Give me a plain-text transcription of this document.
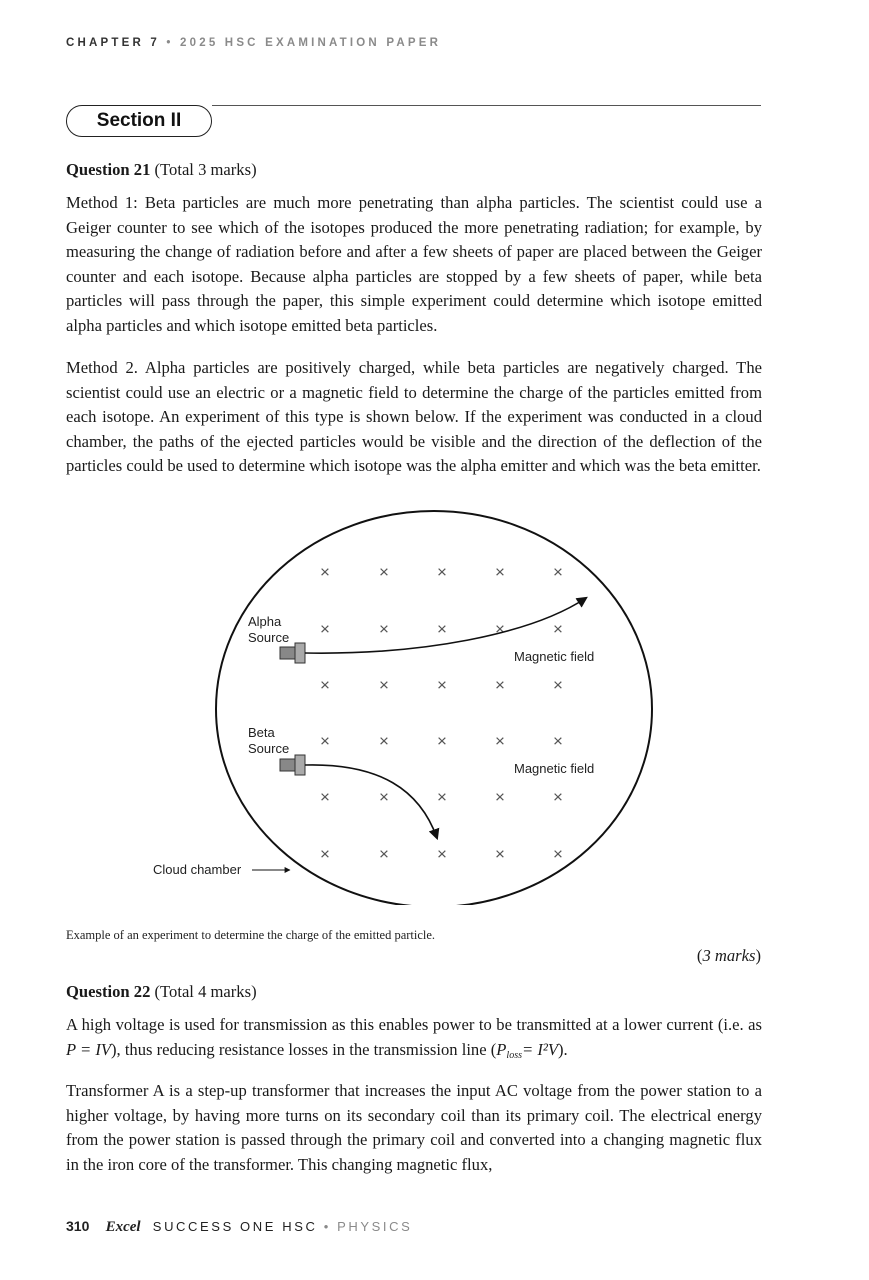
CHAPTER 7 • 2025 HSC EXAMINATION PAPER
Section II
Question 21 (Total 3 marks)
Method 1: Beta particles are much more penetrating than alpha particles. The scientist could use a Geiger counter to see which of the isotopes produced the more penetrating radiation; for example, by measuring the change of radiation before and after a few sheets of paper are placed between the Geiger counter and each isotope. Because alpha particles are stopped by a few sheets of paper, while beta particles will pass through the paper, this simple experiment could determine which isotope emitted alpha particles and which isotope emitted beta particles.
Method 2. Alpha particles are positively charged, while beta particles are negatively charged. The scientist could use an electric or a magnetic field to determine the charge of the particles emitted from each isotope. An experiment of this type is shown below. If the experiment was conducted in a cloud chamber, the paths of the ejected particles would be visible and the direction of the deflection of the particles could be used to determine which isotope was the alpha emitter and which was the beta emitter.
×	×	×	×	×
×	×	×	×	×
×	×	×	×	×
×	×	×	×	×
×	×	×	×	×
×	×	×	×	×
Alpha
Source
Magnetic field
Beta
Source
Magnetic field
Cloud chamber
Example of an experiment to determine the charge of the emitted particle.
(3 marks)
Question 22 (Total 4 marks)
A high voltage is used for transmission as this enables power to be transmitted at a lower current (i.e. as P = IV), thus reducing resistance losses in the transmission line $(P_{loss}= I^2V)$.
Transformer A is a step-up transformer that increases the input AC voltage from the power station to a higher voltage, by having more turns on its secondary coil than its primary coil. The electrical energy from the power station is passed through the primary coil and converted into a changing magnetic flux in the iron core of the transformer. This changing magnetic flux,
310 Excel SUCCESS ONE HSC • PHYSICS
